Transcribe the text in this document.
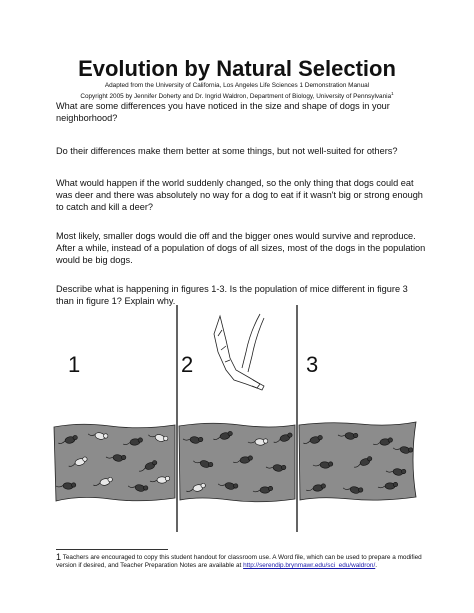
Evolution by Natural Selection
Adapted from the University of California, Los Angeles Life Sciences 1 Demonstration Manual
Copyright 2005 by Jennifer Doherty and Dr. Ingrid Waldron, Department of Biology, University of Pennsylvania$^1$

What are some differences you have noticed in the size and shape of dogs in your neighborhood?

Do their differences make them better at some things, but not well-suited for others?

What would happen if the world suddenly changed, so the only thing that dogs could eat was deer and there was absolutely no way for a dog to eat if it wasn't big or strong enough to catch and kill a deer?

Most likely, smaller dogs would die off and the bigger ones would survive and reproduce. After a while, instead of a population of dogs of all sizes, most of the dogs in the population would be big dogs.

Describe what is happening in figures 1-3. Is the population of mice different in figure 3 than in figure 1? Explain why.

1	2	3
1 Teachers are encouraged to copy this student handout for classroom use. A Word file, which can be used to prepare a modified version if desired, and Teacher Preparation Notes are available at http://serendip.brynmawr.edu/sci_edu/waldron/.
